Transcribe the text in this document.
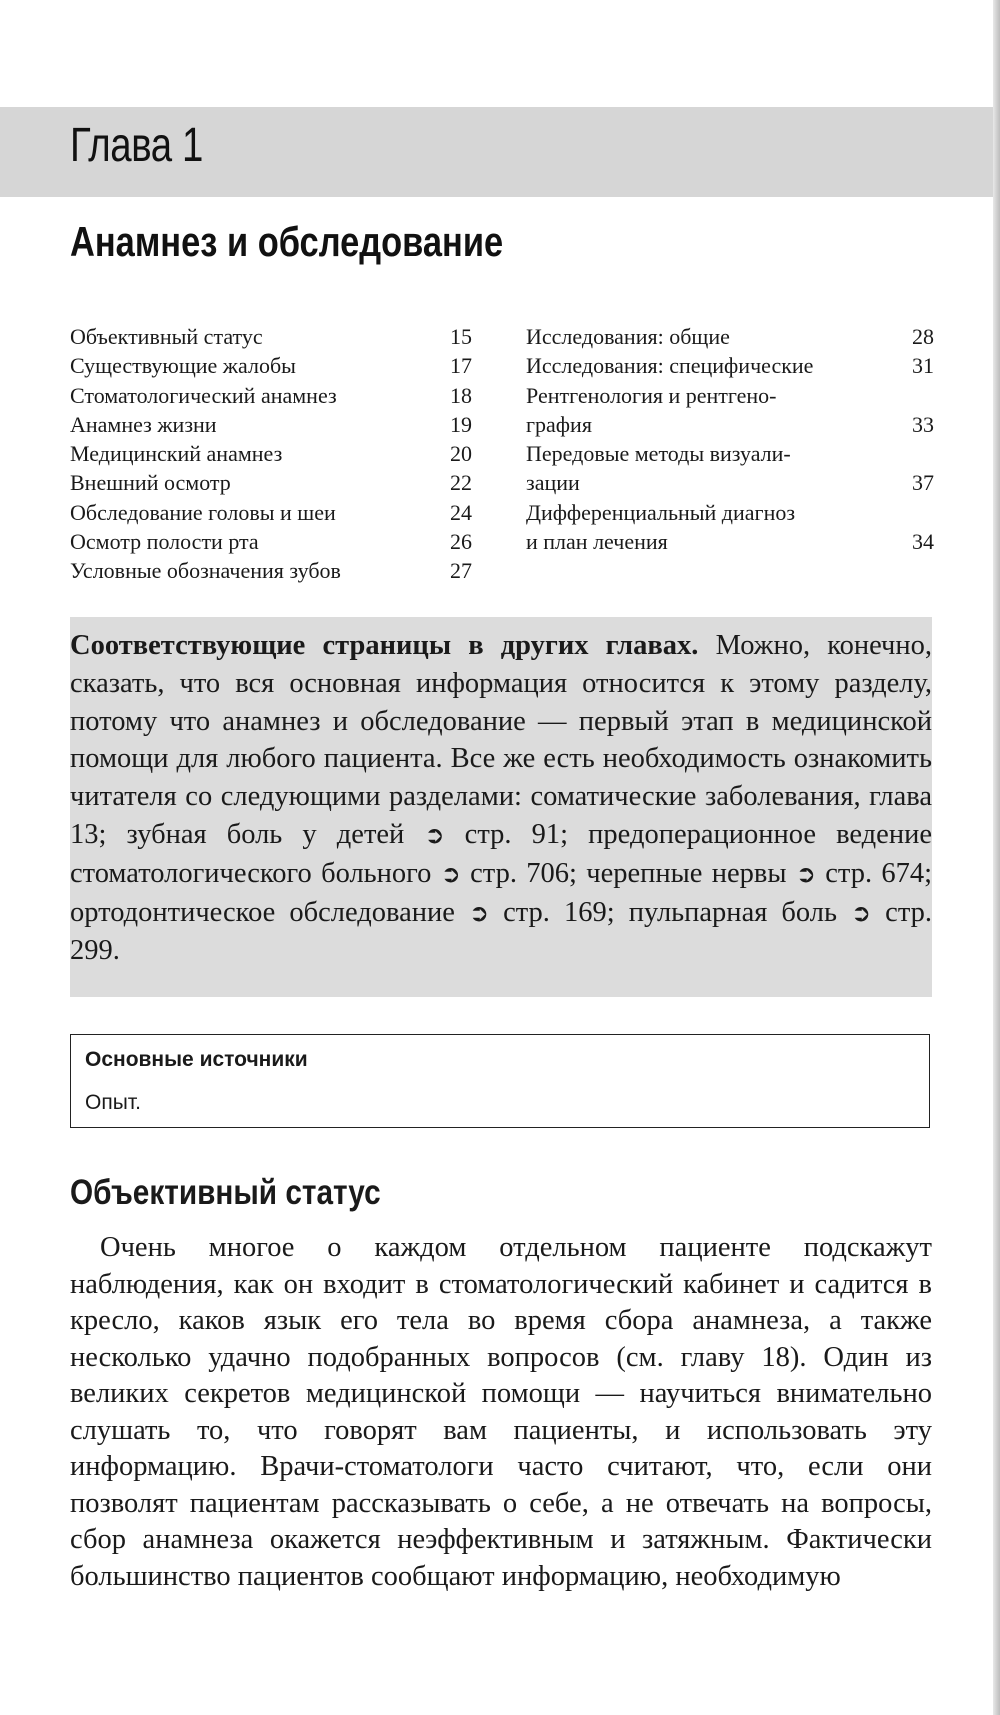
Глава 1
Анамнез и обследование
Объективный статус	15
Существующие жалобы	17
Стоматологический анамнез	18
Анамнез жизни	19
Медицинский анамнез	20
Внешний осмотр	22
Обследование головы и шеи	24
Осмотр полости рта	26
Условные обозначения зубов	27
Исследования: общие	28
Исследования: специфические	31
Рентгенология и рентгено-
графия	33
Передовые методы визуали-
зации	37
Дифференциальный диагноз
и план лечения	34
Соответствующие страницы в других главах. Можно, конечно, сказать, что вся основная информация относится к этому разделу, потому что анамнез и обследование — первый этап в медицинской помощи для любого пациента. Все же есть необходимость ознакомить читателя со следующими разделами: соматические заболевания, глава 13; зубная боль у детей ➲ стр. 91; предоперационное ведение стоматологического больного ➲ стр. 706; черепные нервы ➲ стр. 674; ортодонтическое обследование ➲ стр. 169; пульпарная боль ➲ стр. 299.
Основные источники
Опыт.
Объективный статус
Очень многое о каждом отдельном пациенте подскажут наблюдения, как он входит в стоматологический кабинет и садится в кресло, каков язык его тела во время сбора анамнеза, а также несколько удачно подобранных вопросов (см. главу 18). Один из великих секретов медицинской помощи — научиться внимательно слушать то, что говорят вам пациенты, и использовать эту информацию. Врачи-стоматологи часто считают, что, если они позволят пациентам рассказывать о себе, а не отвечать на вопросы, сбор анамнеза окажется неэффективным и затяжным. Фактически большинство пациентов сообщают информацию, необходимую
